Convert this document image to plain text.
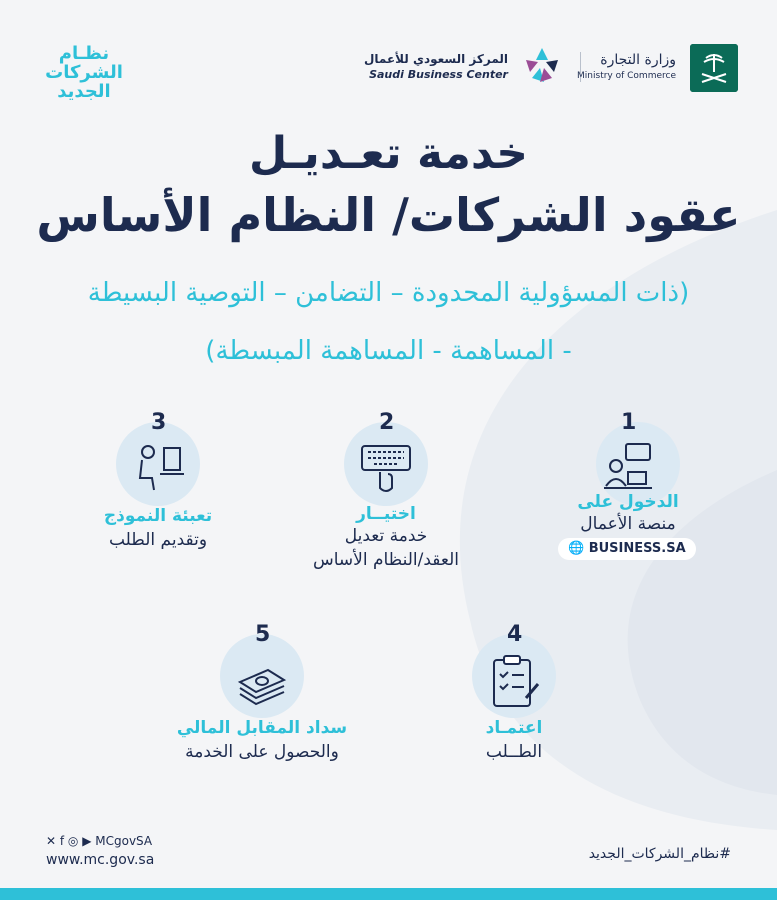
نظـام
الشركات
الجديد
المركز السعودي للأعمال
Saudi Business Center
وزارة التجارة
Ministry of Commerce
خدمة تعـديـل
عقود الشركات/ النظام الأساس
(ذات المسؤولية المحدودة – التضامن – التوصية البسيطة
- المساهمة - المساهمة المبسطة)
1
الدخول على
منصة الأعمال
🌐 BUSINESS.SA
2
اختيــار
خدمة تعديل
العقد/النظام الأساس
3
تعبئة النموذج
وتقديم الطلب
4
اعتمـاد
الطــلب
5
سداد المقابل المالي
والحصول على الخدمة
✕ f ◎ ▶ MCgovSA
www.mc.gov.sa	#نظام_الشركات_الجديد
